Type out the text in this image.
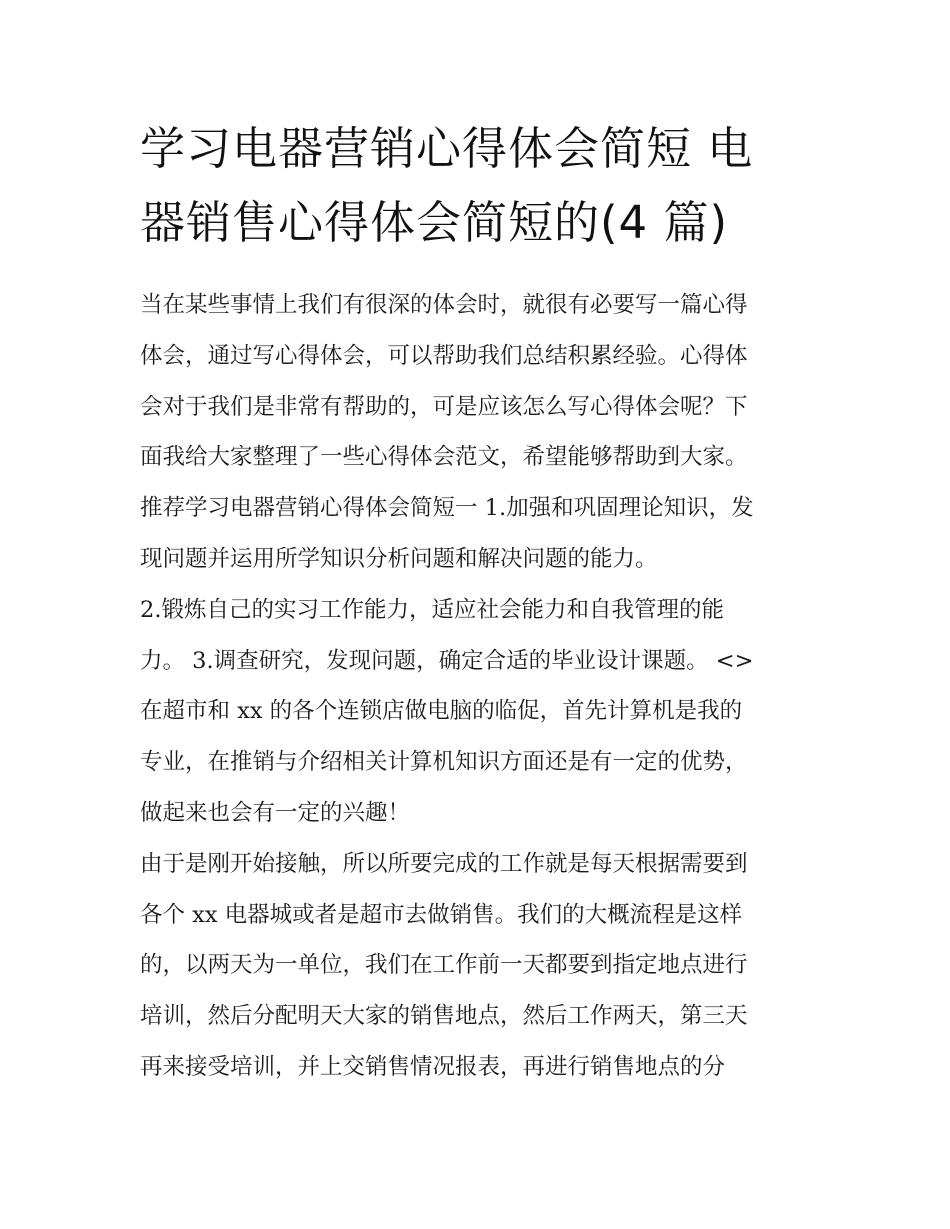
学习电器营销心得体会简短 电
器销售心得体会简短的(4 篇)

当在某些事情上我们有很深的体会时，就很有必要写一篇心得
体会，通过写心得体会，可以帮助我们总结积累经验。心得体
会对于我们是非常有帮助的，可是应该怎么写心得体会呢？下
面我给大家整理了一些心得体会范文，希望能够帮助到大家。
推荐学习电器营销心得体会简短一 1.加强和巩固理论知识，发
现问题并运用所学知识分析问题和解决问题的能力。

2.锻炼自己的实习工作能力，适应社会能力和自我管理的能
力。 3.调查研究，发现问题，确定合适的毕业设计课题。 <>
在超市和 xx 的各个连锁店做电脑的临促，首先计算机是我的
专业，在推销与介绍相关计算机知识方面还是有一定的优势，
做起来也会有一定的兴趣！

由于是刚开始接触，所以所要完成的工作就是每天根据需要到
各个 xx 电器城或者是超市去做销售。我们的大概流程是这样
的，以两天为一单位，我们在工作前一天都要到指定地点进行
培训，然后分配明天大家的销售地点，然后工作两天，第三天
再来接受培训，并上交销售情况报表，再进行销售地点的分
